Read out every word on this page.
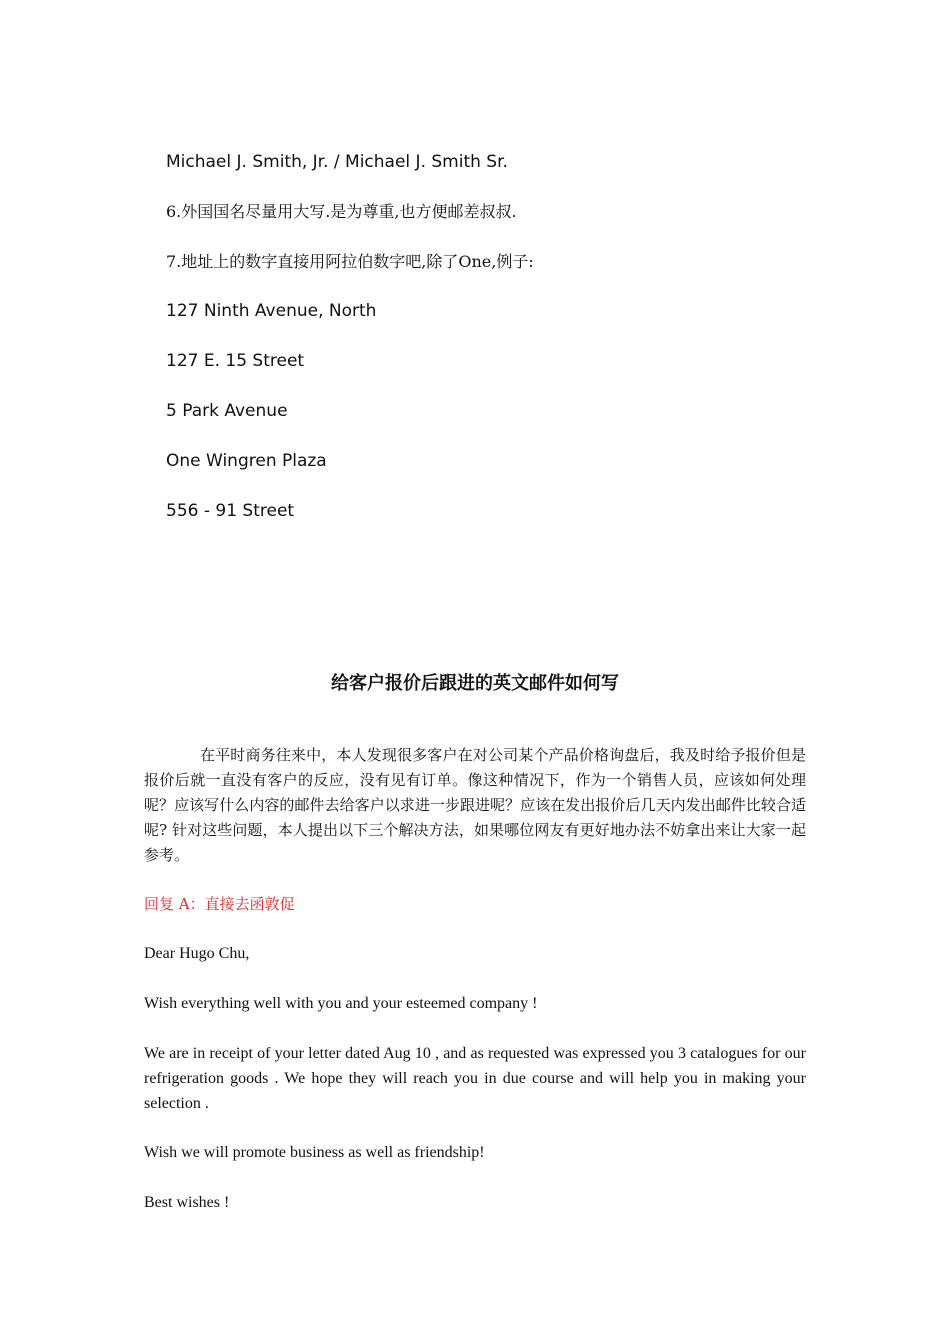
Michael J. Smith, Jr. / Michael J. Smith Sr.
6.外国国名尽量用大写.是为尊重,也方便邮差叔叔.
7.地址上的数字直接用阿拉伯数字吧,除了One,例子:
127 Ninth Avenue, North
127 E. 15 Street
5 Park Avenue
One Wingren Plaza
556 - 91 Street
给客户报价后跟进的英文邮件如何写
在平时商务往来中，本人发现很多客户在对公司某个产品价格询盘后，我及时给予报价但是报价后就一直没有客户的反应，没有见有订单。像这种情况下，作为一个销售人员，应该如何处理呢？应该写什么内容的邮件去给客户以求进一步跟进呢？应该在发出报价后几天内发出邮件比较合适呢? 针对这些问题，本人提出以下三个解决方法，如果哪位网友有更好地办法不妨拿出来让大家一起参考。
回复 A：直接去函敦促
Dear Hugo Chu,
Wish everything well with you and your esteemed company !
We are in receipt of your letter dated Aug 10 , and as requested was expressed you 3 catalogues for our refrigeration goods . We hope they will reach you in due course and will help you in making your selection .
Wish we will promote business as well as friendship!
Best wishes !
